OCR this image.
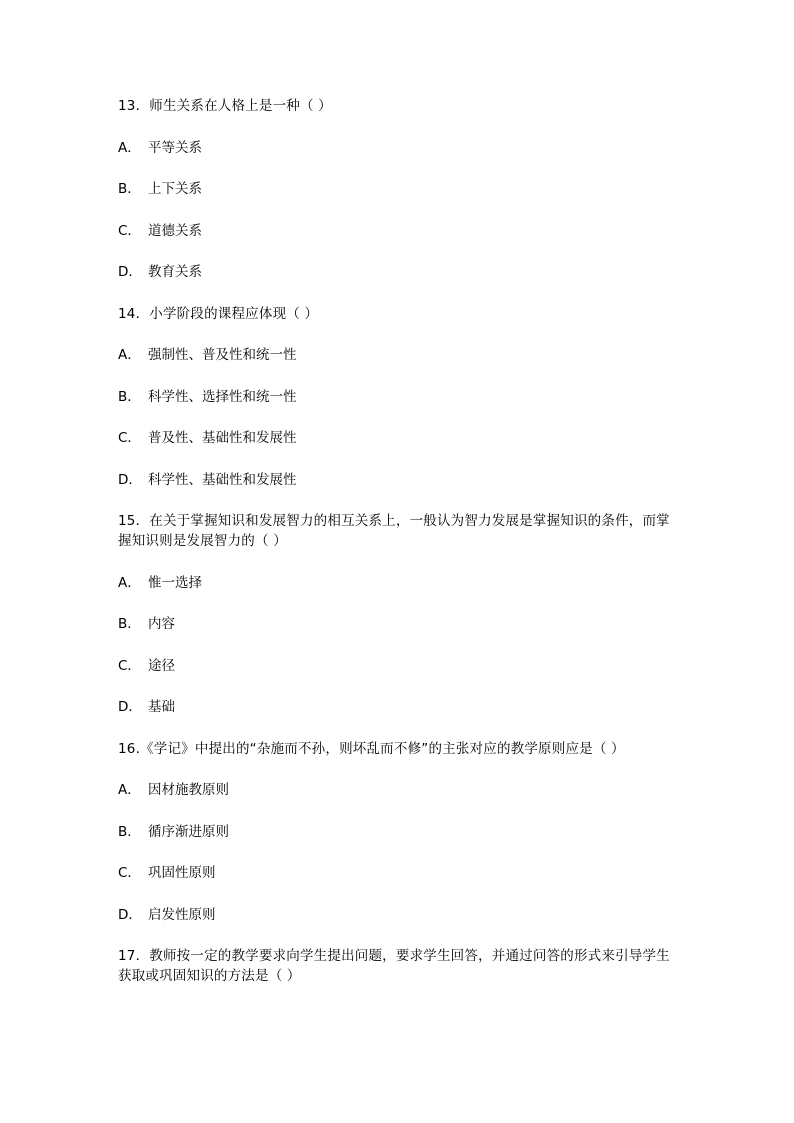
13．师生关系在人格上是一种（ ）

A． 平等关系
B． 上下关系
C． 道德关系
D． 教育关系

14．小学阶段的课程应体现（ ）

A． 强制性、普及性和统一性
B． 科学性、选择性和统一性
C． 普及性、基础性和发展性
D． 科学性、基础性和发展性

15．在关于掌握知识和发展智力的相互关系上，一般认为智力发展是掌握知识的条件，而掌握知识则是发展智力的（ ）

A． 惟一选择
B． 内容
C． 途径
D． 基础

16.《学记》中提出的“杂施而不孙，则坏乱而不修”的主张对应的教学原则应是（ ）

A． 因材施教原则
B． 循序渐进原则
C． 巩固性原则
D． 启发性原则

17．教师按一定的教学要求向学生提出问题，要求学生回答，并通过问答的形式来引导学生获取或巩固知识的方法是（ ）
